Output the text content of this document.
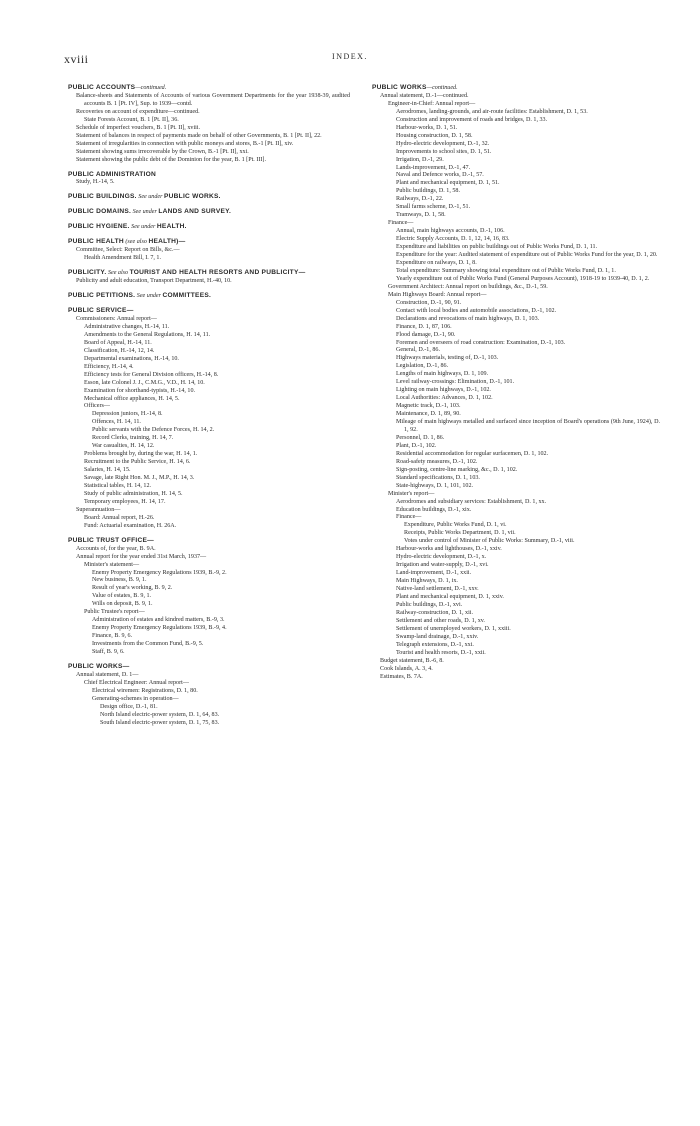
xviii	INDEX.
PUBLIC ACCOUNTS—continued.
Balance-sheets and Statements of Accounts of various Government Departments for the year 1938-39, audited accounts B. 1 [Pt. IV], Sup. to 1939—contd.
Recoveries on account of expenditure—continued.
State Forests Account, B. 1 [Pt. II], 36.
Schedule of imperfect vouchers, B. 1 [Pt. II], xviii.
Statement of balances in respect of payments made on behalf of other Governments, B. 1 [Pt. II], 22.
Statement of irregularities in connection with public moneys and stores, B.-1 [Pt. II], xiv.
Statement showing sums irrecoverable by the Crown, B.-1 [Pt. II], xxi.
Statement showing the public debt of the Dominion for the year, B. 1 [Pt. III].
PUBLIC ADMINISTRATION
Study, H.-14, 5.
PUBLIC BUILDINGS. See under PUBLIC WORKS.
PUBLIC DOMAINS. See under LANDS AND SURVEY.
PUBLIC HYGIENE. See under HEALTH.
PUBLIC HEALTH (see also HEALTH)—
Committee, Select: Report on Bills, &c.—
Health Amendment Bill, I. 7, 1.
PUBLICITY. See also TOURIST AND HEALTH RESORTS AND PUBLICITY—
Publicity and adult education, Transport Department, H.-40, 10.
PUBLIC PETITIONS. See under COMMITTEES.
PUBLIC SERVICE—
Commissioners: Annual report—
Administrative changes, H.-14, 11.
Amendments to the General Regulations, H. 14, 11.
Board of Appeal, H.-14, 11.
Classification, H.-14, 12, 14.
Departmental examinations, H.-14, 10.
Efficiency, H.-14, 4.
Efficiency tests for General Division officers, H.-14, 8.
Esson, late Colonel J. J., C.M.G., V.D., H. 14, 10.
Examination for shorthand-typists, H.-14, 10.
Mechanical office appliances, H. 14, 5.
Officers—
Depression juniors, H.-14, 8.
Offences, H. 14, 11.
Public servants with the Defence Forces, H. 14, 2.
Record Clerks, training, H. 14, 7.
War casualties, H. 14, 12.
Problems brought by, during the war, H. 14, 1.
Recruitment to the Public Service, H. 14, 6.
Salaries, H. 14, 15.
Savage, late Right Hon. M. J., M.P., H. 14, 3.
Statistical tables, H. 14, 12.
Study of public administration, H. 14, 5.
Temporary employees, H. 14, 17.
Superannuation—
Board: Annual report, H.-26.
Fund: Actuarial examination, H. 26A.
PUBLIC TRUST OFFICE—
Accounts of, for the year, B. 9A.
Annual report for the year ended 31st March, 1937—
Minister's statement—
Enemy Property Emergency Regulations 1939, B.-9, 2.
New business, B. 9, 1.
Result of year's working, B. 9, 2.
Value of estates, B. 9, 1.
Wills on deposit, B. 9, 1.
Public Trustee's report—
Administration of estates and kindred matters, B.-9, 3.
Enemy Property Emergency Regulations 1939, B.-9, 4.
Finance, B. 9, 6.
Investments from the Common Fund, B.-9, 5.
Staff, B. 9, 6.
PUBLIC WORKS—
Annual statement, D. 1—
Chief Electrical Engineer: Annual report—
Electrical wiremen: Registrations, D. 1, 80.
Generating-schemes in operation—
Design office, D.-1, 81.
North Island electric-power system, D. 1, 64, 83.
South Island electric-power system, D. 1, 75, 83.
PUBLIC WORKS—continued.
Annual statement, D.-1—continued.
Engineer-in-Chief: Annual report—
Aerodromes, landing-grounds, and air-route facilities: Establishment, D. 1, 53.
Construction and improvement of roads and bridges, D. 1, 33.
Harbour-works, D. 1, 51.
Housing construction, D. 1, 58.
Hydro-electric development, D.-1, 32.
Improvements to school sites, D. 1, 51.
Irrigation, D.-1, 29.
Lands-improvement, D.-1, 47.
Naval and Defence works, D.-1, 57.
Plant and mechanical equipment, D. 1, 51.
Public buildings, D. 1, 58.
Railways, D.-1, 22.
Small farms scheme, D.-1, 51.
Tramways, D. 1, 58.
Finance—
Annual, main highways accounts, D.-1, 106.
Electric Supply Accounts, D. 1, 12, 14, 16, 83.
Expenditure and liabilities on public buildings out of Public Works Fund, D. 1, 11.
Expenditure for the year: Audited statement of expenditure out of Public Works Fund for the year, D. 1, 20.
Expenditure on railways, D. 1, 8.
Total expenditure: Summary showing total expenditure out of Public Works Fund, D. 1, 1.
Yearly expenditure out of Public Works Fund (General Purposes Account), 1918-19 to 1939-40, D. 1, 2.
Government Architect: Annual report on buildings, &c., D.-1, 59.
Main Highways Board: Annual report—
Construction, D.-1, 90, 91.
Contact with local bodies and automobile associations, D.-1, 102.
Declarations and revocations of main highways, D. 1, 103.
Finance, D. 1, 87, 106.
Flood damage, D.-1, 90.
Foremen and overseers of road construction: Examination, D.-1, 103.
General, D.-1, 86.
Highways materials, testing of, D.-1, 103.
Legislation, D.-1, 86.
Lengths of main highways, D. 1, 109.
Level railway-crossings: Elimination, D.-1, 101.
Lighting on main highways, D.-1, 102.
Local Authorities: Advances, D. 1, 102.
Magnetic track, D.-1, 103.
Maintenance, D. 1, 89, 90.
Mileage of main highways metalled and surfaced since inception of Board's operations (9th June, 1924), D. 1, 92.
Personnel, D. 1, 86.
Plant, D.-1, 102.
Residential accommodation for regular surfacemen, D. 1, 102.
Road-safety measures, D.-1, 102.
Sign-posting, centre-line marking, &c., D. 1, 102.
Standard specifications, D. 1, 103.
State-highways, D. 1, 101, 102.
Minister's report—
Aerodromes and subsidiary services: Establishment, D. 1, xx.
Education buildings, D.-1, xix.
Finance—
Expenditure, Public Works Fund, D. 1, vi.
Receipts, Public Works Department, D. 1, vii.
Votes under control of Minister of Public Works: Summary, D.-1, viii.
Harbour-works and lighthouses, D.-1, xxiv.
Hydro-electric development, D.-1, x.
Irrigation and water-supply, D.-1, xvi.
Land-improvement, D.-1, xxii.
Main Highways, D. 1, ix.
Native-land settlement, D.-1, xxv.
Plant and mechanical equipment, D. 1, xxiv.
Public buildings, D.-1, xvi.
Railway-construction, D. 1, xii.
Settlement and other roads, D. 1, xv.
Settlement of unemployed workers, D. 1, xxiii.
Swamp-land drainage, D.-1, xxiv.
Telegraph extensions, D.-1, xxi.
Tourist and health resorts, D.-1, xxii.
Budget statement, B.-6, 8.
Cook Islands, A. 3, 4.
Estimates, B. 7A.
